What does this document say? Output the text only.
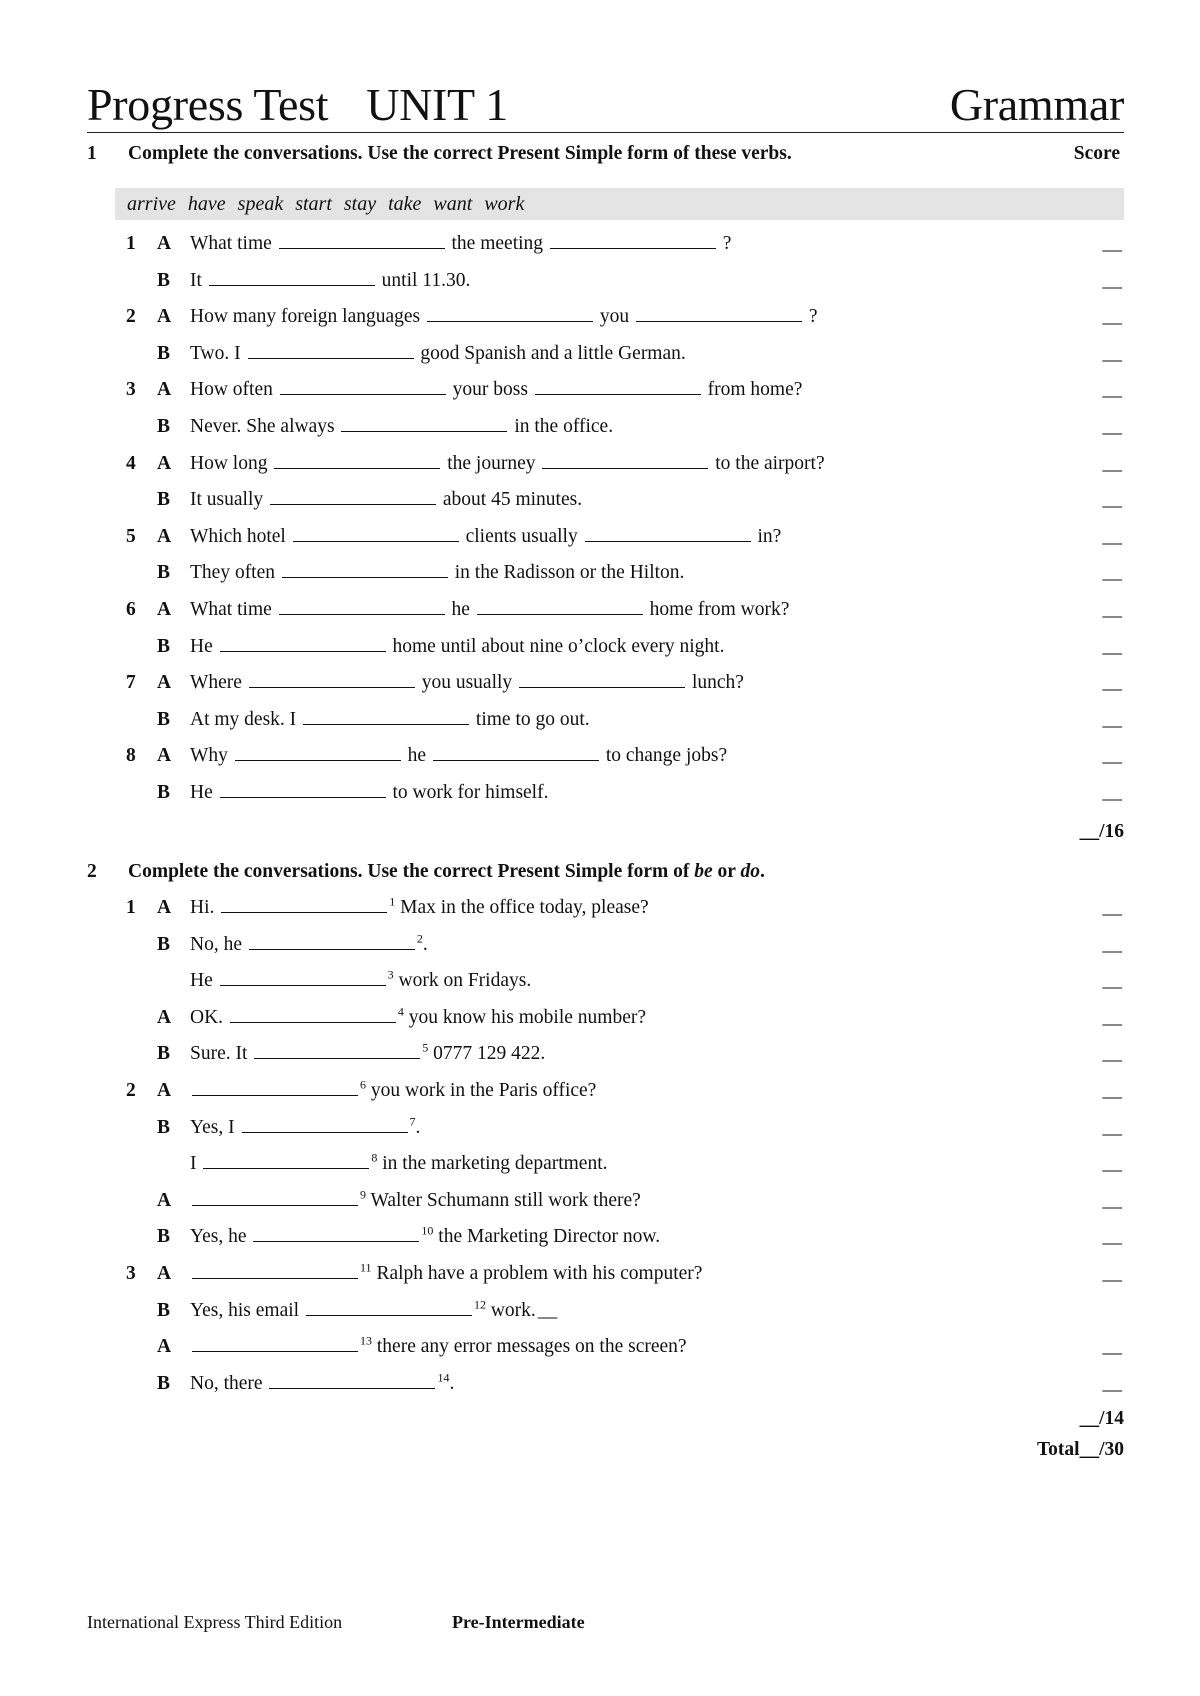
Progress Test UNIT 1	Grammar
1 Complete the conversations. Use the correct Present Simple form of these verbs.	Score
arrive have speak start stay take want work
1 A What time	the meeting	?	__
B It	until 11.30.	__
2 A How many foreign languages	you	?	__
B Two. I	good Spanish and a little German.	__
3 A How often	your boss	from home?	__
B Never. She always	in the office.	__
4 A How long	the journey	to the airport?	__
B It usually	about 45 minutes.	__
5 A Which hotel	clients usually	in?	__
B They often	in the Radisson or the Hilton.	__
6 A What time	he	home from work?	__
B He	home until about nine o’clock every night.	__
7 A Where	you usually	lunch?	__
B At my desk. I	time to go out.	__
8 A Why	he	to change jobs?	__
B He	to work for himself.	__
__/16
2 Complete the conversations. Use the correct Present Simple form of be or do.
1 A Hi.	$^1$ Max in the office today, please?	__
B No, he	$^2$.	__
He	$^3$ work on Fridays.	__
A OK.	$^4$ you know his mobile number?	__
B Sure. It	$^5$ 0777 129 422.	__
2 A	$^6$ you work in the Paris office?	__
B Yes, I	$^7$.	__
I	$^8$ in the marketing department.	__
A	$^9$ Walter Schumann still work there?	__
B Yes, he	$^{10}$ the Marketing Director now.	__
3 A	$^{11}$ Ralph have a problem with his computer?	__
B Yes, his email	$^{12}$ work. __
A	$^{13}$ there any error messages on the screen?	__
B No, there	$^{14}$.	__
__/14
Total__/30
International Express Third Edition	Pre-Intermediate
